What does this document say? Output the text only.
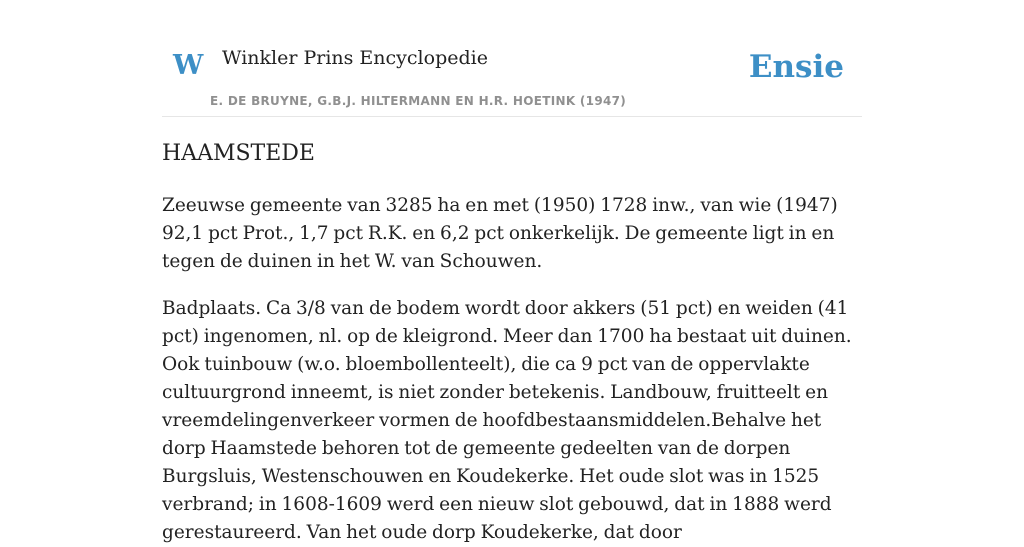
W Winkler Prins Encyclopedie
E. DE BRUYNE, G.B.J. HILTERMANN EN H.R. HOETINK (1947)
Ensie
HAAMSTEDE

Zeeuwse gemeente van 3285 ha en met (1950) 1728 inw., van wie (1947) 92,1 pct Prot., 1,7 pct R.K. en 6,2 pct onkerkelijk. De gemeente ligt in en tegen de duinen in het W. van Schouwen.

Badplaats. Ca 3/8 van de bodem wordt door akkers (51 pct) en weiden (41 pct) ingenomen, nl. op de kleigrond. Meer dan 1700 ha bestaat uit duinen. Ook tuinbouw (w.o. bloembollenteelt), die ca 9 pct van de oppervlakte cultuurgrond inneemt, is niet zonder betekenis. Landbouw, fruitteelt en vreemdelingenverkeer vormen de hoofdbestaansmiddelen.Behalve het dorp Haamstede behoren tot de gemeente gedeelten van de dorpen Burgsluis, Westenschouwen en Koudekerke. Het oude slot was in 1525 verbrand; in 1608-1609 werd een nieuw slot gebouwd, dat in 1888 werd gerestaureerd. Van het oude dorp Koudekerke, dat door
